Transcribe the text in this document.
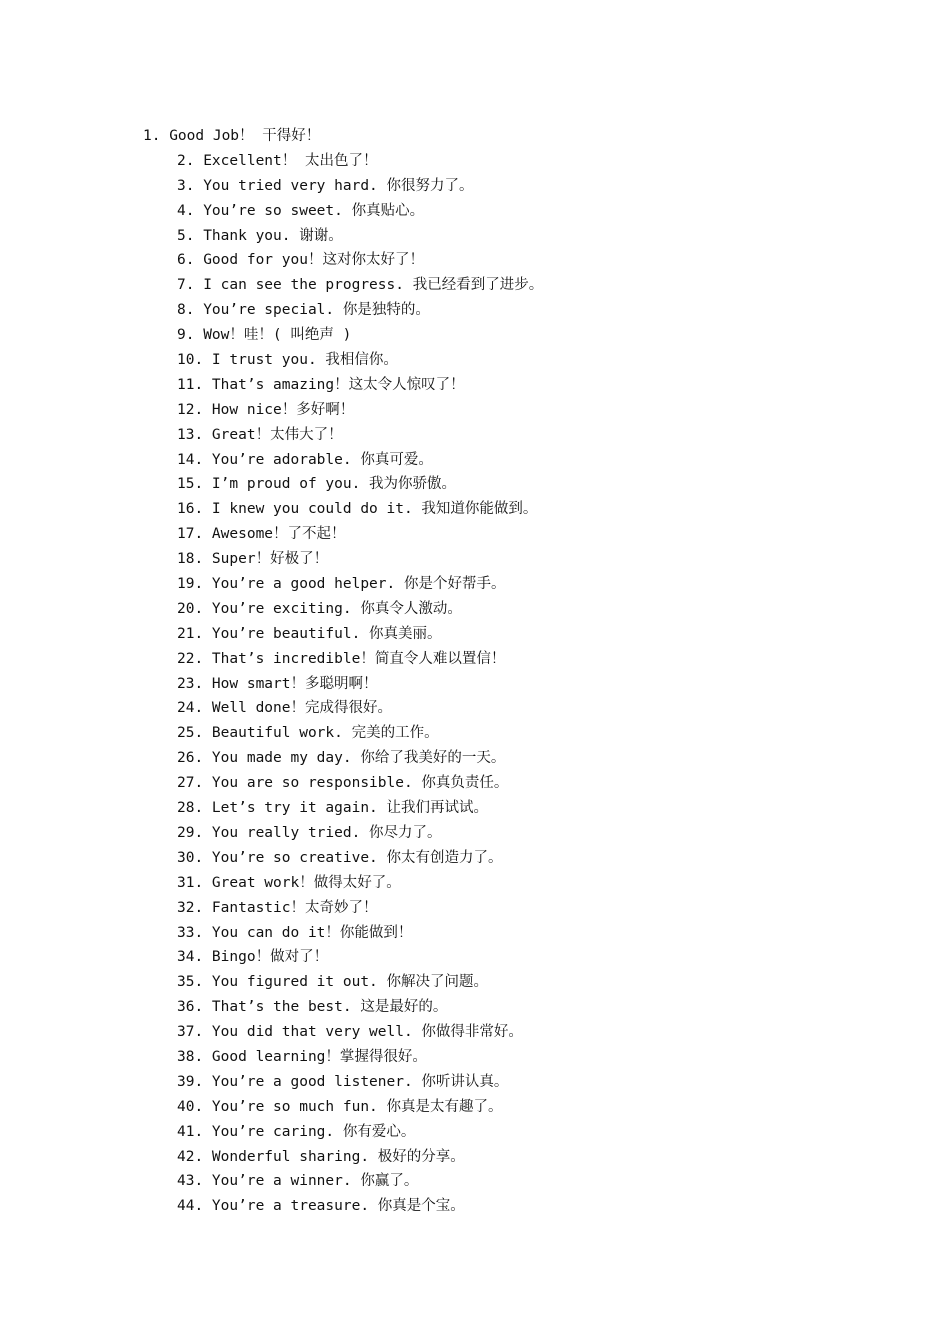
1. Good Job！ 干得好！
2. Excellent！ 太出色了！
3. You tried very hard. 你很努力了。
4. You’re so sweet. 你真贴心。
5. Thank you. 谢谢。
6. Good for you！这对你太好了！
7. I can see the progress. 我已经看到了进步。
8. You’re special. 你是独特的。
9. Wow！哇！( 叫绝声 )
10. I trust you. 我相信你。
11. That’s amazing！这太令人惊叹了！
12. How nice！多好啊！
13. Great！太伟大了！
14. You’re adorable. 你真可爱。
15. I’m proud of you. 我为你骄傲。
16. I knew you could do it. 我知道你能做到。
17. Awesome！了不起！
18. Super！好极了！
19. You’re a good helper. 你是个好帮手。
20. You’re exciting. 你真令人激动。
21. You’re beautiful. 你真美丽。
22. That’s incredible！简直令人难以置信！
23. How smart！多聪明啊！
24. Well done！完成得很好。
25. Beautiful work. 完美的工作。
26. You made my day. 你给了我美好的一天。
27. You are so responsible. 你真负责任。
28. Let’s try it again. 让我们再试试。
29. You really tried. 你尽力了。
30. You’re so creative. 你太有创造力了。
31. Great work！做得太好了。
32. Fantastic！太奇妙了！
33. You can do it！你能做到！
34. Bingo！做对了！
35. You figured it out. 你解决了问题。
36. That’s the best. 这是最好的。
37. You did that very well. 你做得非常好。
38. Good learning！掌握得很好。
39. You’re a good listener. 你听讲认真。
40. You’re so much fun. 你真是太有趣了。
41. You’re caring. 你有爱心。
42. Wonderful sharing. 极好的分享。
43. You’re a winner. 你赢了。
44. You’re a treasure. 你真是个宝。
